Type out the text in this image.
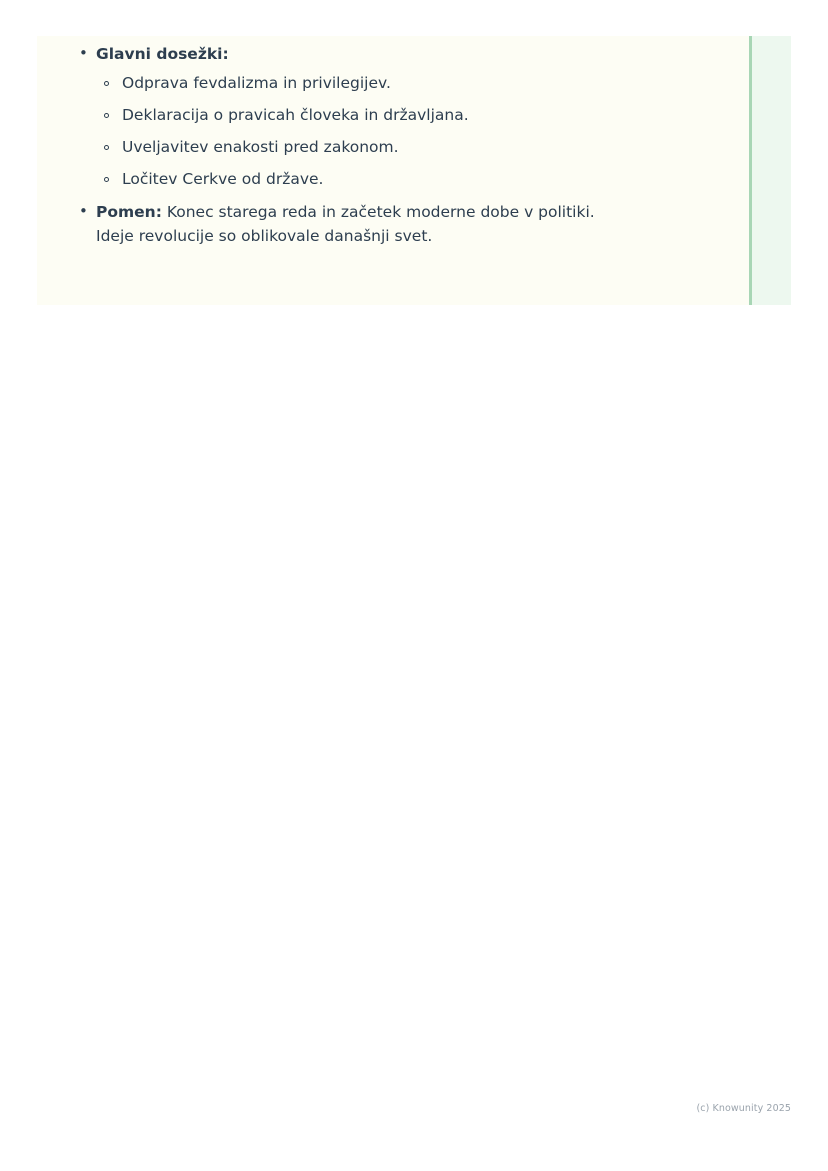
• Glavni dosežki:
Odprava fevdalizma in privilegijev.
Deklaracija o pravicah človeka in državljana.
Uveljavitev enakosti pred zakonom.
Ločitev Cerkve od države.
• Pomen: Konec starega reda in začetek moderne dobe v politiki. Ideje revolucije so oblikovale današnji svet.
(c) Knowunity 2025
